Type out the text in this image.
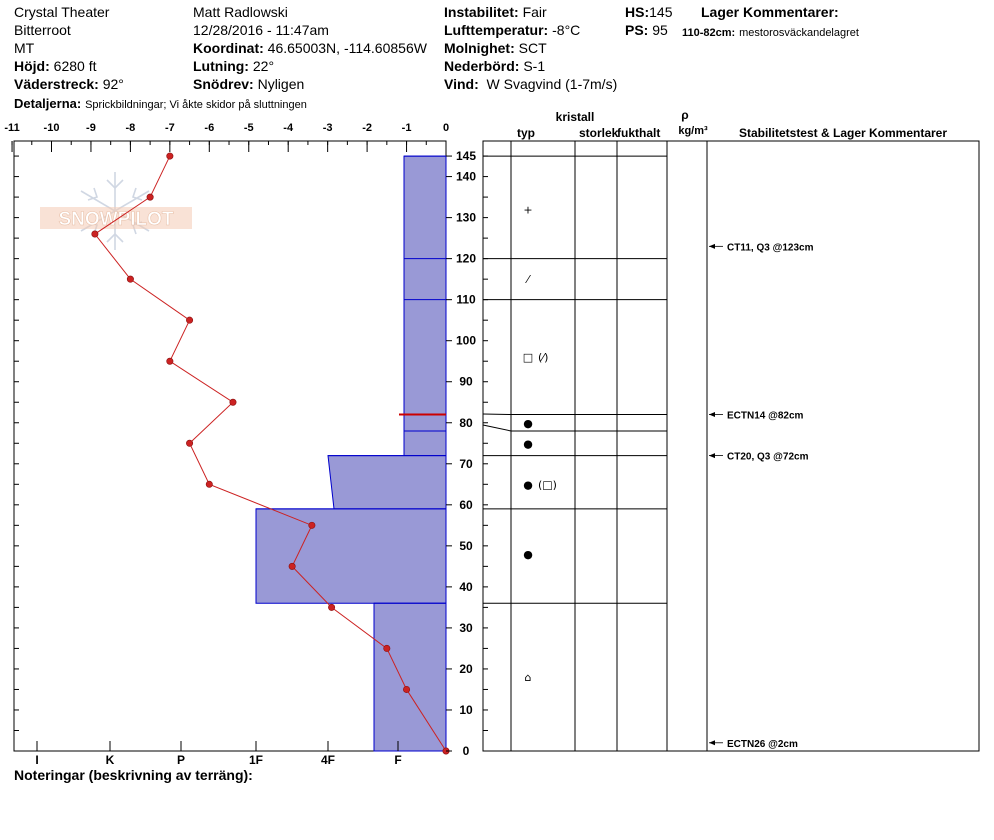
Crystal Theater
Bitterroot
MT
Höjd: 6280 ft
Väderstreck: 92°
Detaljerna: Sprickbildningar; Vi åkte skidor på sluttningen
Matt Radlowski
12/28/2016 - 11:47am
Koordinat: 46.65003N, -114.60856W
Lutning: 22°
Snödrev: Nyligen
Instabilitet: Fair
Lufttemperatur: -8°C
Molnighet: SCT
Nederbörd: S-1
Vind: W Svagvind (1-7m/s)
HS:145
PS: 95
Lager Kommentarer:
110-82cm: mestorosväckandelagret
Noteringar (beskrivning av terräng):
SNOWPILOT
-11 -10 -9	-8	-7	-6	-5	-4	-3	-2	-1	0
0
10
20
30
40
50
60
70
80
90
100
110
120
130
140
145
I	K	P	1F	4F	F
+
⁄
□ (⁄)
●
●
● (□)
●
⌂
CT11, Q3 @123cm
ECTN14 @82cm
CT20, Q3 @72cm
ECTN26 @2cm
kristall
typ	storlek
fukthalt
ρ
kg/m³	Stabilitetstest & Lager Kommentarer
